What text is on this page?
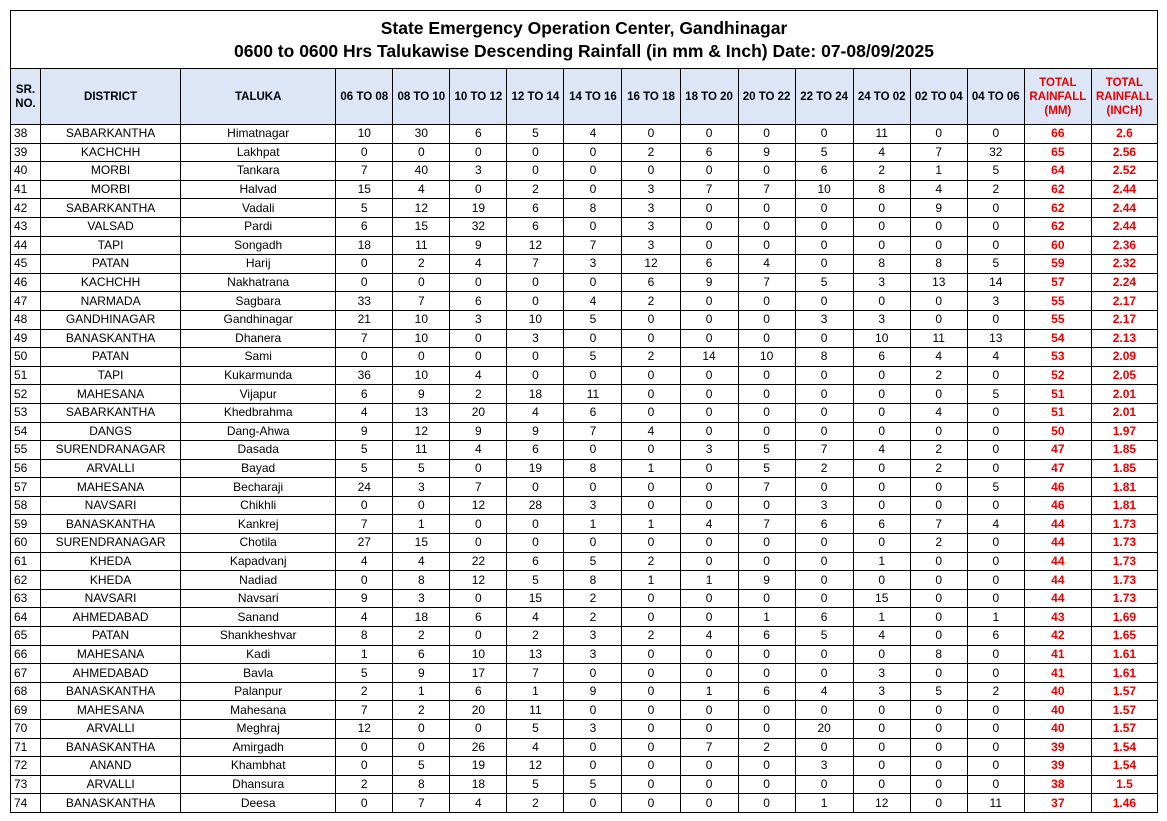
State Emergency Operation Center, Gandhinagar
0600 to 0600 Hrs Talukawise Descending Rainfall (in mm & Inch) Date: 07-08/09/2025
SR. NO.	DISTRICT	TALUKA	06 TO 08	08 TO 10	10 TO 12	12 TO 14	14 TO 16	16 TO 18	18 TO 20	20 TO 22	22 TO 24	24 TO 02	02 TO 04	04 TO 06	TOTAL RAINFALL (MM)	TOTAL RAINFALL (INCH)
38	SABARKANTHA	Himatnagar	10	30	6	5	4	0	0	0	0	11	0	0	66	2.6
39	KACHCHH	Lakhpat	0	0	0	0	0	2	6	9	5	4	7	32	65	2.56
40	MORBI	Tankara	7	40	3	0	0	0	0	0	6	2	1	5	64	2.52
41	MORBI	Halvad	15	4	0	2	0	3	7	7	10	8	4	2	62	2.44
42	SABARKANTHA	Vadali	5	12	19	6	8	3	0	0	0	0	9	0	62	2.44
43	VALSAD	Pardi	6	15	32	6	0	3	0	0	0	0	0	0	62	2.44
44	TAPI	Songadh	18	11	9	12	7	3	0	0	0	0	0	0	60	2.36
45	PATAN	Harij	0	2	4	7	3	12	6	4	0	8	8	5	59	2.32
46	KACHCHH	Nakhatrana	0	0	0	0	0	6	9	7	5	3	13	14	57	2.24
47	NARMADA	Sagbara	33	7	6	0	4	2	0	0	0	0	0	3	55	2.17
48	GANDHINAGAR	Gandhinagar	21	10	3	10	5	0	0	0	3	3	0	0	55	2.17
49	BANASKANTHA	Dhanera	7	10	0	3	0	0	0	0	0	10	11	13	54	2.13
50	PATAN	Sami	0	0	0	0	5	2	14	10	8	6	4	4	53	2.09
51	TAPI	Kukarmunda	36	10	4	0	0	0	0	0	0	0	2	0	52	2.05
52	MAHESANA	Vijapur	6	9	2	18	11	0	0	0	0	0	0	5	51	2.01
53	SABARKANTHA	Khedbrahma	4	13	20	4	6	0	0	0	0	0	4	0	51	2.01
54	DANGS	Dang-Ahwa	9	12	9	9	7	4	0	0	0	0	0	0	50	1.97
55	SURENDRANAGAR	Dasada	5	11	4	6	0	0	3	5	7	4	2	0	47	1.85
56	ARVALLI	Bayad	5	5	0	19	8	1	0	5	2	0	2	0	47	1.85
57	MAHESANA	Becharaji	24	3	7	0	0	0	0	7	0	0	0	5	46	1.81
58	NAVSARI	Chikhli	0	0	12	28	3	0	0	0	3	0	0	0	46	1.81
59	BANASKANTHA	Kankrej	7	1	0	0	1	1	4	7	6	6	7	4	44	1.73
60	SURENDRANAGAR	Chotila	27	15	0	0	0	0	0	0	0	0	2	0	44	1.73
61	KHEDA	Kapadvanj	4	4	22	6	5	2	0	0	0	1	0	0	44	1.73
62	KHEDA	Nadiad	0	8	12	5	8	1	1	9	0	0	0	0	44	1.73
63	NAVSARI	Navsari	9	3	0	15	2	0	0	0	0	15	0	0	44	1.73
64	AHMEDABAD	Sanand	4	18	6	4	2	0	0	1	6	1	0	1	43	1.69
65	PATAN	Shankheshvar	8	2	0	2	3	2	4	6	5	4	0	6	42	1.65
66	MAHESANA	Kadi	1	6	10	13	3	0	0	0	0	0	8	0	41	1.61
67	AHMEDABAD	Bavla	5	9	17	7	0	0	0	0	0	3	0	0	41	1.61
68	BANASKANTHA	Palanpur	2	1	6	1	9	0	1	6	4	3	5	2	40	1.57
69	MAHESANA	Mahesana	7	2	20	11	0	0	0	0	0	0	0	0	40	1.57
70	ARVALLI	Meghraj	12	0	0	5	3	0	0	0	20	0	0	0	40	1.57
71	BANASKANTHA	Amirgadh	0	0	26	4	0	0	7	2	0	0	0	0	39	1.54
72	ANAND	Khambhat	0	5	19	12	0	0	0	0	3	0	0	0	39	1.54
73	ARVALLI	Dhansura	2	8	18	5	5	0	0	0	0	0	0	0	38	1.5
74	BANASKANTHA	Deesa	0	7	4	2	0	0	0	0	1	12	0	11	37	1.46
